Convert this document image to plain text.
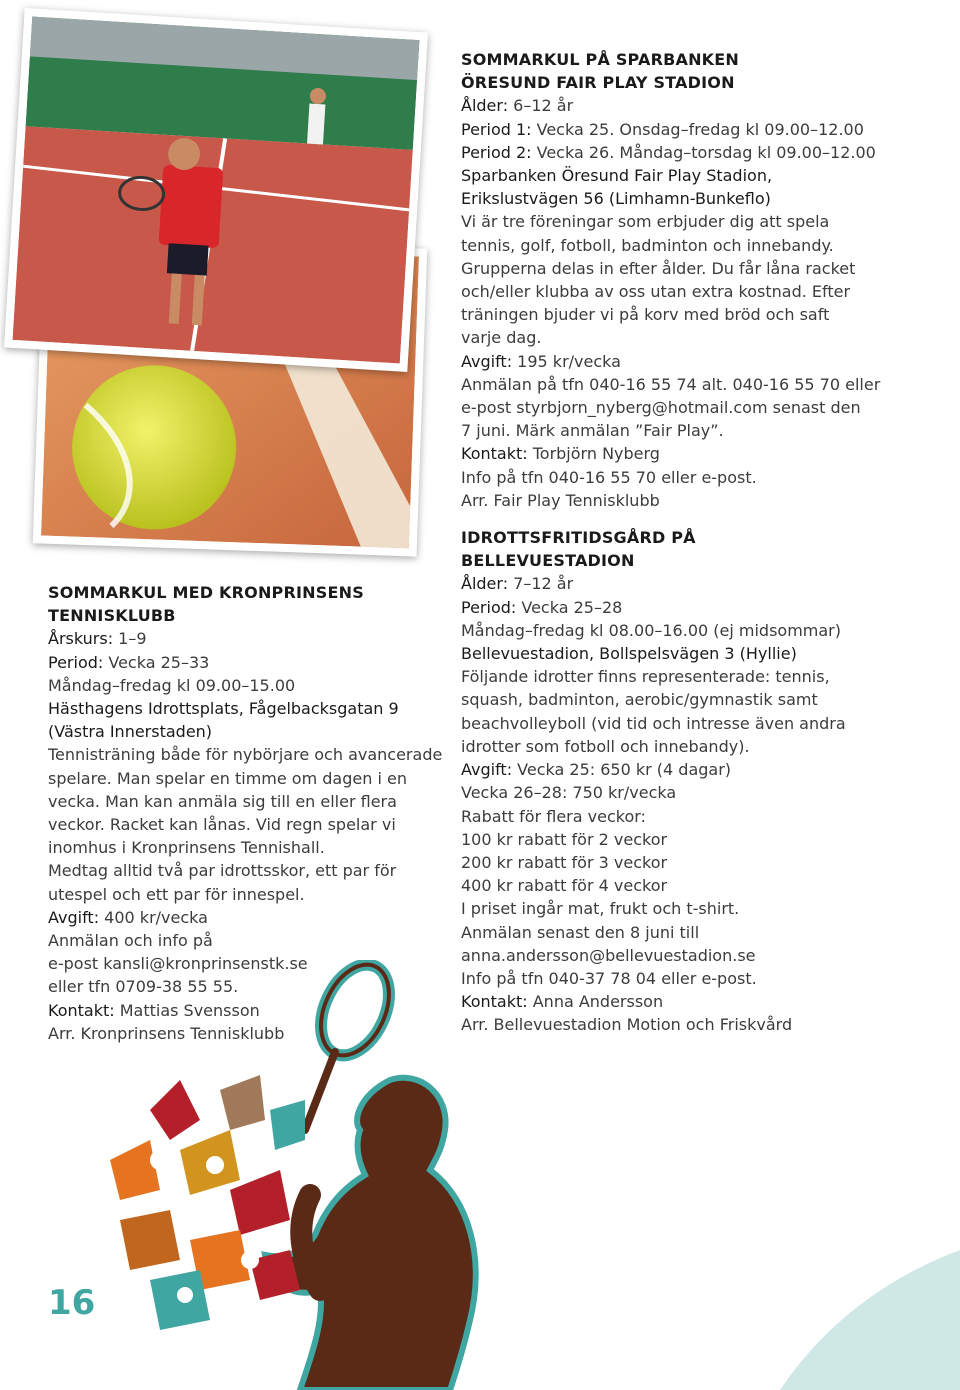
SOMMARKUL PÅ SPARBANKEN

ÖRESUND FAIR PLAY STADION

Ålder: 6–12 år

Period 1: Vecka 25. Onsdag–fredag kl 09.00–12.00

Period 2: Vecka 26. Måndag–torsdag kl 09.00–12.00

Sparbanken Öresund Fair Play Stadion,

Erikslustvägen 56 (Limhamn-Bunkeflo)

Vi är tre föreningar som erbjuder dig att spela

tennis, golf, fotboll, badminton och innebandy.

Grupperna delas in efter ålder. Du får låna racket

och/eller klubba av oss utan extra kostnad. Efter

träningen bjuder vi på korv med bröd och saft

varje dag.

Avgift: 195 kr/vecka

Anmälan på tfn 040-16 55 74 alt. 040-16 55 70 eller

e-post styrbjorn_nyberg@hotmail.com senast den

7 juni. Märk anmälan ”Fair Play”.

Kontakt: Torbjörn Nyberg

Info på tfn 040-16 55 70 eller e-post.

Arr. Fair Play Tennisklubb

IDROTTSFRITIDSGÅRD PÅ

BELLEVUESTADION

Ålder: 7–12 år

Period: Vecka 25–28

Måndag–fredag kl 08.00–16.00 (ej midsommar)

Bellevuestadion, Bollspelsvägen 3 (Hyllie)

Följande idrotter finns representerade: tennis,

squash, badminton, aerobic/gymnastik samt

beachvolleyboll (vid tid och intresse även andra

idrotter som fotboll och innebandy).

Avgift: Vecka 25: 650 kr (4 dagar)

Vecka 26–28: 750 kr/vecka

Rabatt för flera veckor:

100 kr rabatt för 2 veckor

200 kr rabatt för 3 veckor

400 kr rabatt för 4 veckor

I priset ingår mat, frukt och t-shirt.

Anmälan senast den 8 juni till

anna.andersson@bellevuestadion.se

Info på tfn 040-37 78 04 eller e-post.

Kontakt: Anna Andersson

Arr. Bellevuestadion Motion och Friskvård

SOMMARKUL MED KRONPRINSENS

TENNISKLUBB

Årskurs: 1–9

Period: Vecka 25–33

Måndag–fredag kl 09.00–15.00

Hästhagens Idrottsplats, Fågelbacksgatan 9

(Västra Innerstaden)

Tennisträning både för nybörjare och avancerade

spelare. Man spelar en timme om dagen i en

vecka. Man kan anmäla sig till en eller flera

veckor. Racket kan lånas. Vid regn spelar vi

inomhus i Kronprinsens Tennishall.

Medtag alltid två par idrottsskor, ett par för

utespel och ett par för innespel.

Avgift: 400 kr/vecka

Anmälan och info på

e-post kansli@kronprinsenstk.se

eller tfn 0709-38 55 55.

Kontakt: Mattias Svensson

Arr. Kronprinsens Tennisklubb

16
